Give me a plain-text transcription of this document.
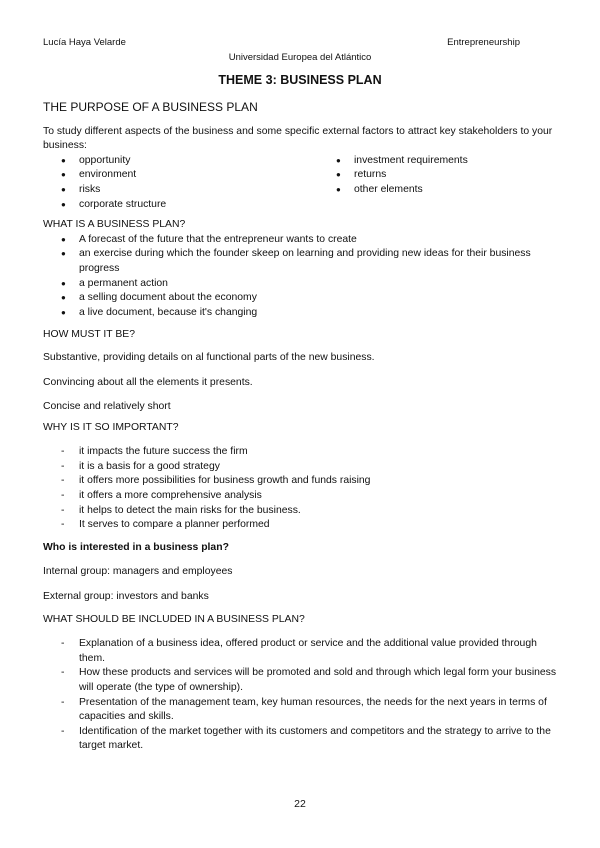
Lucía Haya Velarde	Entrepreneurship
Universidad Europea del Atlántico
THEME 3: BUSINESS PLAN
THE PURPOSE OF A BUSINESS PLAN

To study different aspects of the business and some specific external factors to attract key stakeholders to your business:

● opportunity
● environment
● risks
● corporate structure
● investment requirements
● returns
● other elements
WHAT IS A BUSINESS PLAN?
● A forecast of the future that the entrepreneur wants to create
● an exercise during which the founder skeep on learning and providing new ideas for their business progress
● a permanent action
● a selling document about the economy
● a live document, because it's changing
HOW MUST IT BE?

Substantive, providing details on al functional parts of the new business.

Convincing about all the elements it presents.

Concise and relatively short

WHY IS IT SO IMPORTANT?
- it impacts the future success the firm
- it is a basis for a good strategy
- it offers more possibilities for business growth and funds raising
- it offers a more comprehensive analysis
- it helps to detect the main risks for the business.
- It serves to compare a planner performed

Who is interested in a business plan?

Internal group: managers and employees

External group: investors and banks

WHAT SHOULD BE INCLUDED IN A BUSINESS PLAN?
- Explanation of a business idea, offered product or service and the additional value provided through them.
- How these products and services will be promoted and sold and through which legal form your business will operate (the type of ownership).
- Presentation of the management team, key human resources, the needs for the next years in terms of capacities and skills.
- Identification of the market together with its customers and competitors and the strategy to arrive to the target market.
22
